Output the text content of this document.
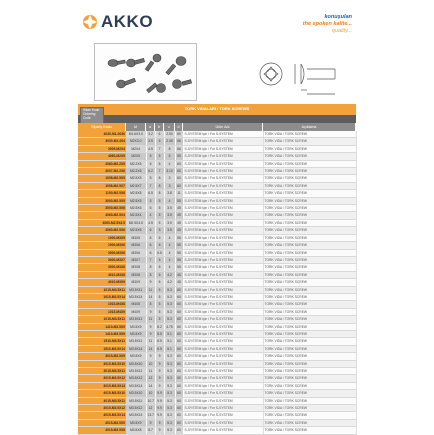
AKKO	konuşulan
the spoken kalite...
quality...
TORK VIDALARI / TORK SCREWS
Sikan Kodu
Ordering Code
Sipariş Kodu	M	a	b	c	d	Ürün Adı	Açıklama
4030-M1-0030	M1.6X3.0	3.2	6	2.50	60	S-SYSTEM için / For S-SYSTEM	TORK VIDA / TORK SCREW
3030-M1-004	M2X3.0	3.5	6	2.45	66	S-SYSTEM için / For S-SYSTEM	TORK VIDA / TORK SCREW
3005-M2X4	M2X4	4.5	7	8	66	S-SYSTEM için / For S-SYSTEM	TORK VIDA / TORK SCREW
4060-M2X5	M2X5	5	5	5	55	S-SYSTEM için / For S-SYSTEM	TORK VIDA / TORK SCREW
4060-M2.2X5	M2.2X5	6	6	4	60	S-SYSTEM için / For S-SYSTEM	TORK VIDA / TORK SCREW
3007-M2.2X6	M2.2X6	6.2	7	3.10	60	S-SYSTEM için / For S-SYSTEM	TORK VIDA / TORK SCREW
1008-M2.5X5	M2.5X5	5	8	3	60	S-SYSTEM için / For S-SYSTEM	TORK VIDA / TORK SCREW
1008-M2.5X7	M2.5X7	7	8	3	60	S-SYSTEM için / For S-SYSTEM	TORK VIDA / TORK SCREW
1100-M2.5X8	M2.5X8	6.5	8	3.8	11	S-SYSTEM için / For S-SYSTEM	TORK VIDA / TORK SCREW
3000-M2.5X5	M2.5X5	5	5	4	55	S-SYSTEM için / For S-SYSTEM	TORK VIDA / TORK SCREW
3000-M2.5X6	M2.5X6	6	5	3.5	45	S-SYSTEM için / For S-SYSTEM	TORK VIDA / TORK SCREW
4060-M2.5X4	M2.5X4	4	5	3.5	45	S-SYSTEM için / For S-SYSTEM	TORK VIDA / TORK SCREW
4060-M2.5X4.5	M2.5X4.5	4.5	5	3.5	45	S-SYSTEM için / For S-SYSTEM	TORK VIDA / TORK SCREW
4060-M2.5X6	M2.5X6	6	5	3.5	45	S-SYSTEM için / For S-SYSTEM	TORK VIDA / TORK SCREW
1000-M3X5	M3X5	5	6	4	55	S-SYSTEM için / For S-SYSTEM	TORK VIDA / TORK SCREW
1000-M3X6	M3X6	6	6	4	55	S-SYSTEM için / For S-SYSTEM	TORK VIDA / TORK SCREW
3000-M3X6	M3X6	6	5.5	4	55	S-SYSTEM için / For S-SYSTEM	TORK VIDA / TORK SCREW
3000-M3X7	M3X7	7	6	4	55	S-SYSTEM için / For S-SYSTEM	TORK VIDA / TORK SCREW
3000-M3X8	M3X8	8	6	4	55	S-SYSTEM için / For S-SYSTEM	TORK VIDA / TORK SCREW
4010-M3X8	M3X8	8	6	4.2	45	S-SYSTEM için / For S-SYSTEM	TORK VIDA / TORK SCREW
4010-M3X9	M3X9	9	6	4.2	45	S-SYSTEM için / For S-SYSTEM	TORK VIDA / TORK SCREW
1015-M3.5X11	M3.5X11	11	5	5.3	60	S-SYSTEM için / For S-SYSTEM	TORK VIDA / TORK SCREW
1015-M3.5X14	M3.5X14	14	5	5.3	60	S-SYSTEM için / For S-SYSTEM	TORK VIDA / TORK SCREW
1015-M4X8	M4X8	8	5	5.3	60	S-SYSTEM için / For S-SYSTEM	TORK VIDA / TORK SCREW
1015-M4X9	M4X9	9	5	5.3	60	S-SYSTEM için / For S-SYSTEM	TORK VIDA / TORK SCREW
1015-M3.5X11	M3.5X11	11	5	5.3	60	S-SYSTEM için / For S-SYSTEM	TORK VIDA / TORK SCREW
1410-M3.5X9	M3.5X9	9	8.2	4.75	60	S-SYSTEM için / For S-SYSTEM	TORK VIDA / TORK SCREW
1410-M3.5X9	M3.5X9	9	8.5	5.1	60	S-SYSTEM için / For S-SYSTEM	TORK VIDA / TORK SCREW
1510-M3.5X11	M3.5X11	11	8.5	5.1	60	S-SYSTEM için / For S-SYSTEM	TORK VIDA / TORK SCREW
1510-M3.5X14	M3.5X14	14	8.5	5.1	60	S-SYSTEM için / For S-SYSTEM	TORK VIDA / TORK SCREW
3015-M3.5X9	M3.5X9	9	9	5.3	60	S-SYSTEM için / For S-SYSTEM	TORK VIDA / TORK SCREW
3015-M3.5X10	M3.5X10	10	9	5.3	60	S-SYSTEM için / For S-SYSTEM	TORK VIDA / TORK SCREW
3015-M3.5X11	M3.5X11	11	9	5.3	60	S-SYSTEM için / For S-SYSTEM	TORK VIDA / TORK SCREW
3015-M3.5X12	M3.5X12	12	9	5.3	60	S-SYSTEM için / For S-SYSTEM	TORK VIDA / TORK SCREW
3015-M3.5X14	M3.5X14	14	9	5.3	60	S-SYSTEM için / For S-SYSTEM	TORK VIDA / TORK SCREW
4015-M3.5X10	M3.5X10	10	9.9	5.3	60	S-SYSTEM için / For S-SYSTEM	TORK VIDA / TORK SCREW
4015-M3.5X11	M3.5X11	10.7	9.9	5.3	60	S-SYSTEM için / For S-SYSTEM	TORK VIDA / TORK SCREW
4015-M3.5X12	M3.5X12	12	9.9	5.3	60	S-SYSTEM için / For S-SYSTEM	TORK VIDA / TORK SCREW
4015-M3.5X14	M3.5X14	13.7	9.9	5.3	60	S-SYSTEM için / For S-SYSTEM	TORK VIDA / TORK SCREW
4015-M3.5X9	M3.5X9	9	9	5.3	60	S-SYSTEM için / For S-SYSTEM	TORK VIDA / TORK SCREW
4015-M3.5X8	M3.5X8	8.7	9	5.3	60	S-SYSTEM için / For S-SYSTEM	TORK VIDA / TORK SCREW
